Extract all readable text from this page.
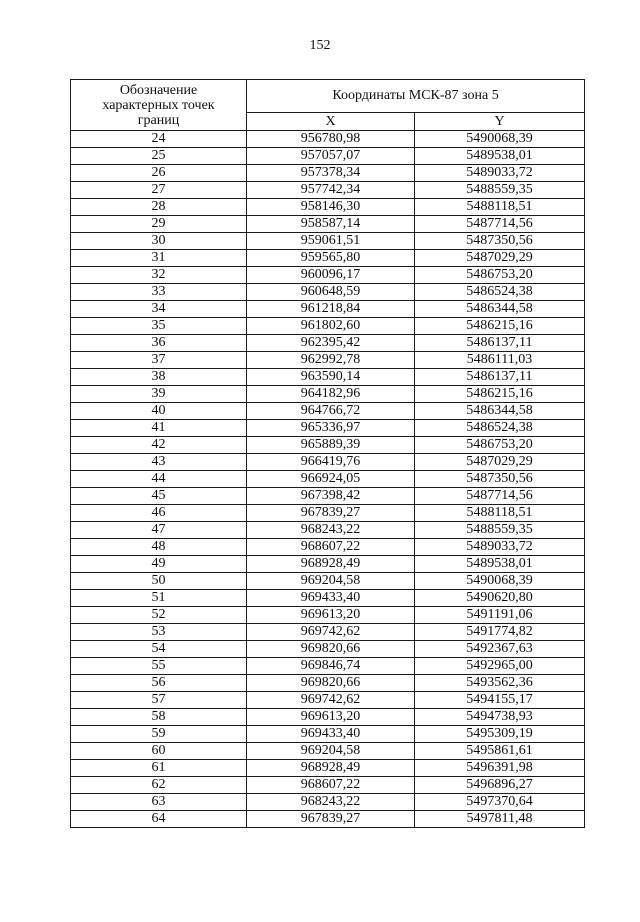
152
Обозначение
характерных точек
границ	Координаты МСК-87 зона 5	
	X	Y
24	956780,98	5490068,39
25	957057,07	5489538,01
26	957378,34	5489033,72
27	957742,34	5488559,35
28	958146,30	5488118,51
29	958587,14	5487714,56
30	959061,51	5487350,56
31	959565,80	5487029,29
32	960096,17	5486753,20
33	960648,59	5486524,38
34	961218,84	5486344,58
35	961802,60	5486215,16
36	962395,42	5486137,11
37	962992,78	5486111,03
38	963590,14	5486137,11
39	964182,96	5486215,16
40	964766,72	5486344,58
41	965336,97	5486524,38
42	965889,39	5486753,20
43	966419,76	5487029,29
44	966924,05	5487350,56
45	967398,42	5487714,56
46	967839,27	5488118,51
47	968243,22	5488559,35
48	968607,22	5489033,72
49	968928,49	5489538,01
50	969204,58	5490068,39
51	969433,40	5490620,80
52	969613,20	5491191,06
53	969742,62	5491774,82
54	969820,66	5492367,63
55	969846,74	5492965,00
56	969820,66	5493562,36
57	969742,62	5494155,17
58	969613,20	5494738,93
59	969433,40	5495309,19
60	969204,58	5495861,61
61	968928,49	5496391,98
62	968607,22	5496896,27
63	968243,22	5497370,64
64	967839,27	5497811,48
